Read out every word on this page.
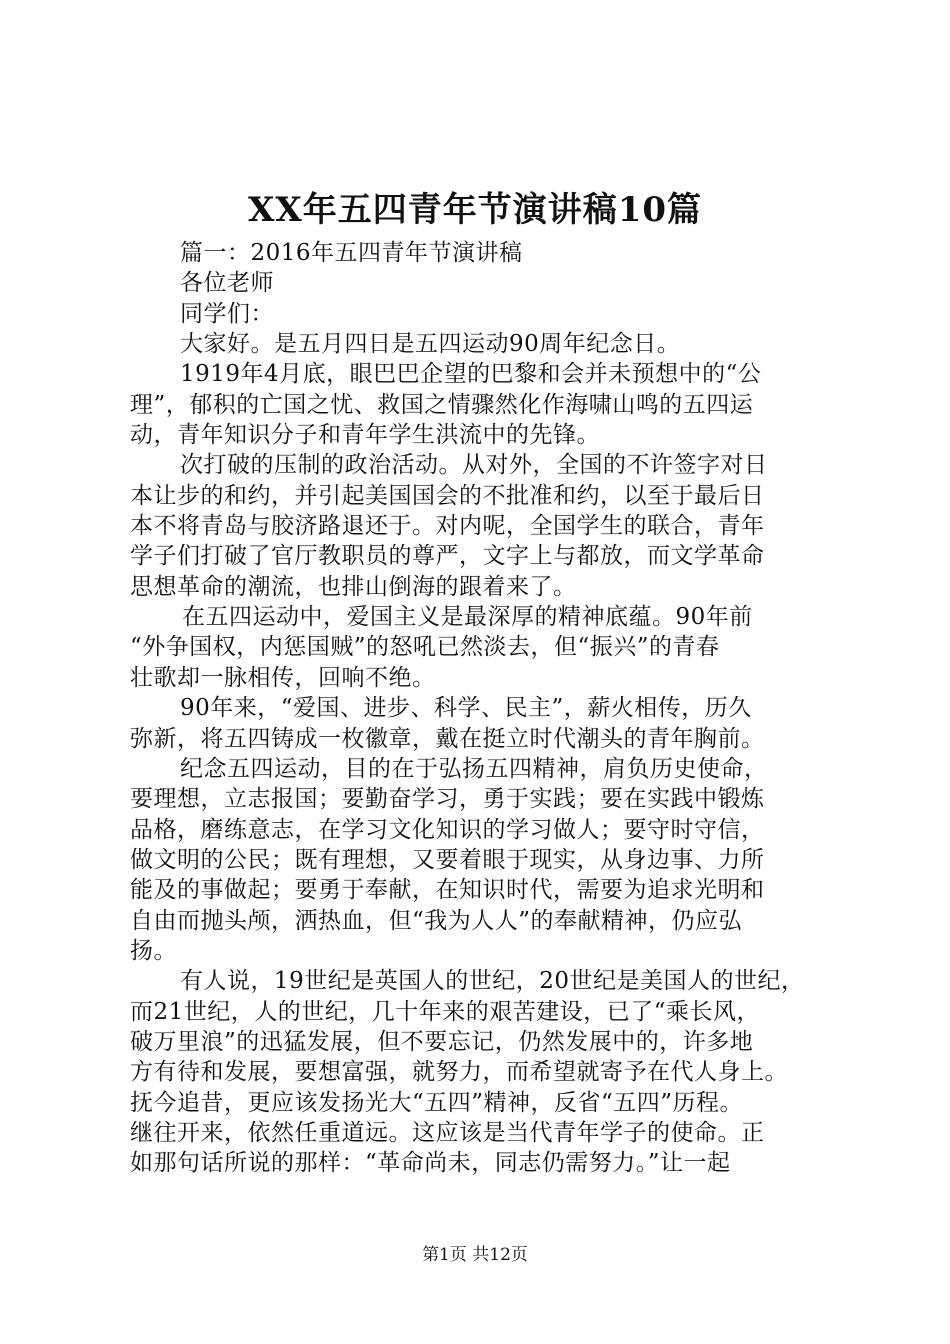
XX年五四青年节演讲稿10篇
篇一：2016年五四青年节演讲稿
各位老师
同学们：
大家好。是五月四日是五四运动90周年纪念日。
1919年4月底，眼巴巴企望的巴黎和会并未预想中的“公
理”，郁积的亡国之忧、救国之情骤然化作海啸山鸣的五四运
动，青年知识分子和青年学生洪流中的先锋。
次打破的压制的政治活动。从对外，全国的不许签字对日
本让步的和约，并引起美国国会的不批准和约，以至于最后日
本不将青岛与胶济路退还于。对内呢，全国学生的联合，青年
学子们打破了官厅教职员的尊严，文字上与都放，而文学革命
思想革命的潮流，也排山倒海的跟着来了。
在五四运动中，爱国主义是最深厚的精神底蕴。90年前
“外争国权，内惩国贼”的怒吼已然淡去，但“振兴”的青春
壮歌却一脉相传，回响不绝。
90年来，“爱国、进步、科学、民主”，薪火相传，历久
弥新，将五四铸成一枚徽章，戴在挺立时代潮头的青年胸前。
纪念五四运动，目的在于弘扬五四精神，肩负历史使命，
要理想，立志报国；要勤奋学习，勇于实践；要在实践中锻炼
品格，磨练意志，在学习文化知识的学习做人；要守时守信，
做文明的公民；既有理想，又要着眼于现实，从身边事、力所
能及的事做起；要勇于奉献，在知识时代，需要为追求光明和
自由而抛头颅，洒热血，但“我为人人”的奉献精神，仍应弘
扬。
有人说，19世纪是英国人的世纪，20世纪是美国人的世纪，
而21世纪，人的世纪，几十年来的艰苦建设，已了“乘长风，
破万里浪”的迅猛发展，但不要忘记，仍然发展中的，许多地
方有待和发展，要想富强，就努力，而希望就寄予在代人身上。
抚今追昔，更应该发扬光大“五四”精神，反省“五四”历程。
继往开来，依然任重道远。这应该是当代青年学子的使命。正
如那句话所说的那样：“革命尚未，同志仍需努力。”让一起
第1页 共12页
